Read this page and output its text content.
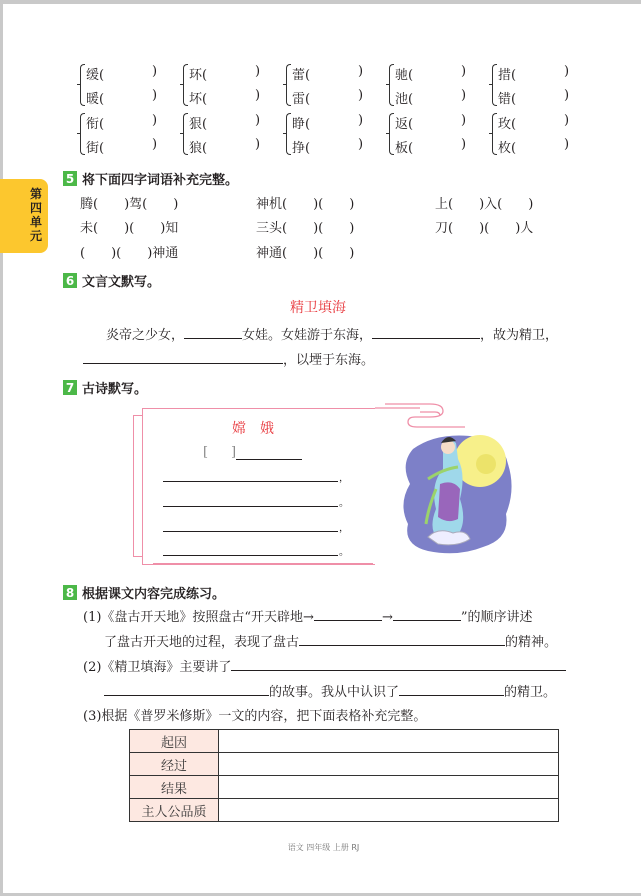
第四单元
缓(	)
暖(	)
环(	)
坏(	)
蕾(	)
雷(	)
驰(	)
池(	)
措(	)
错(	)
衔(	)
街(	)
狠(	)
狼(	)
睁(	)
挣(	)
返(	)
板(	)
玫(	)
枚(	)
5 将下面四字词语补充完整。
腾(　　)驾(　　)	神机(　　)(　　)	上(　　)入(　　)
未(　　)(　　)知	三头(　　)(　　)	刀(　　)(　　)人
(　　)(　　)神通	神通(　　)(　　)
6 文言文默写。
精卫填海
炎帝之少女，	女娃。女娃游于东海，	，故为精卫，
，以堙于东海。
7 古诗默写。
嫦　娥
[ ]
，
。
，
。
8 根据课文内容完成练习。
(1)《盘古开天地》按照盘古“开天辟地→	→	”的顺序讲述
了盘古开天地的过程，表现了盘古	的精神。
(2)《精卫填海》主要讲了
的故事。我从中认识了	的精卫。
(3)根据《普罗米修斯》一文的内容，把下面表格补充完整。
起因	
经过	
结果	
主人公品质	
语文 四年级 上册 RJ
